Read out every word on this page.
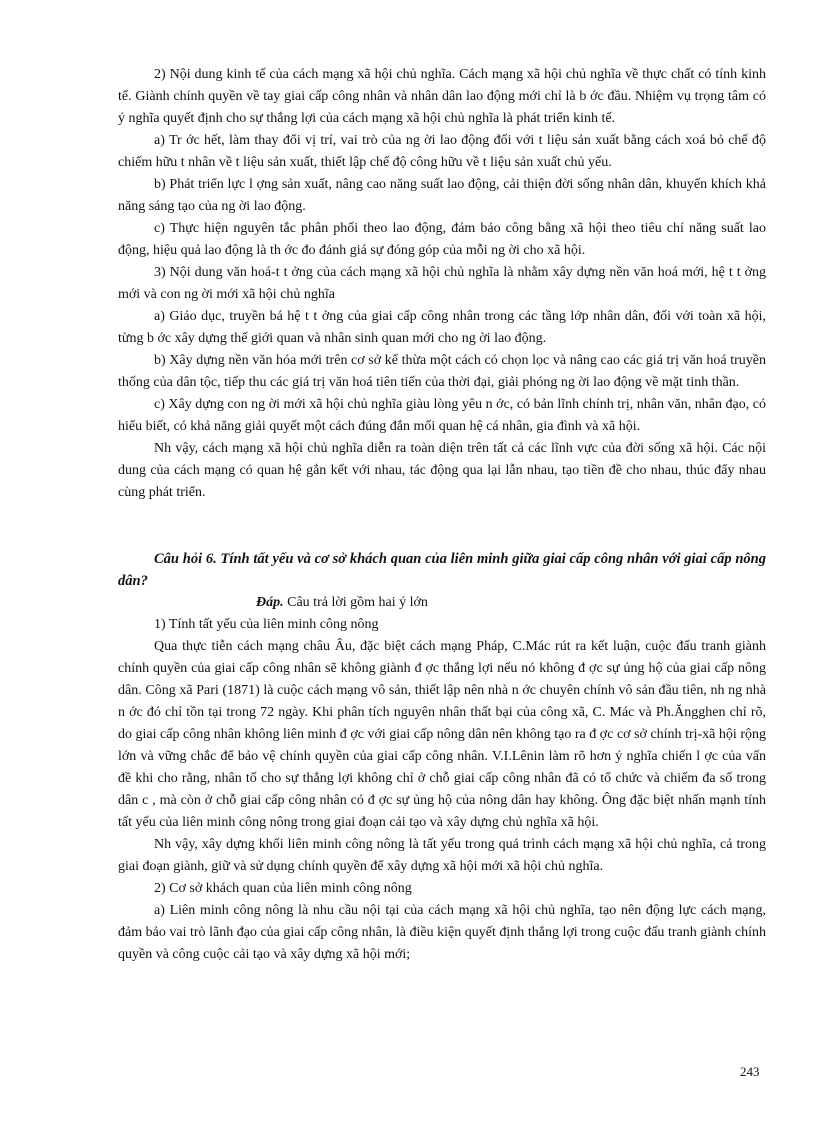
2) Nội dung kinh tế của cách mạng xã hội chủ nghĩa. Cách mạng xã hội chủ nghĩa về thực chất có tính kinh tế. Giành chính quyền về tay giai cấp công nhân và nhân dân lao động mới chỉ là b ớc đầu. Nhiệm vụ trọng tâm có ý nghĩa quyết định cho sự thắng lợi của cách mạng xã hội chủ nghĩa là phát triển kinh tế.

a) Tr ớc hết, làm thay đổi vị trí, vai trò của ng ời lao động đối với t liệu sản xuất bằng cách xoá bỏ chế độ chiếm hữu t nhân về t liệu sản xuất, thiết lập chế độ công hữu về t liệu sản xuất chủ yếu.

b) Phát triển lực l ợng sản xuất, nâng cao năng suất lao động, cải thiện đời sống nhân dân, khuyến khích khả năng sáng tạo của ng ời lao động.

c) Thực hiện nguyên tắc phân phối theo lao động, đảm bảo công bằng xã hội theo tiêu chí năng suất lao động, hiệu quả lao động là th ớc đo đánh giá sự đóng góp của mỗi ng ời cho xã hội.

3) Nội dung văn hoá-t t ởng của cách mạng xã hội chủ nghĩa là nhằm xây dựng nền văn hoá mới, hệ t t ởng mới và con ng ời mới xã hội chủ nghĩa

a) Giáo dục, truyền bá hệ t t ởng của giai cấp công nhân trong các tầng lớp nhân dân, đối với toàn xã hội, từng b ớc xây dựng thế giới quan và nhân sinh quan mới cho ng ời lao động.

b) Xây dựng nền văn hóa mới trên cơ sở kế thừa một cách có chọn lọc và nâng cao các giá trị văn hoá truyền thống của dân tộc, tiếp thu các giá trị văn hoá tiên tiến của thời đại, giải phóng ng ời lao động về mặt tinh thần.

c) Xây dựng con ng ời mới xã hội chủ nghĩa giàu lòng yêu n ớc, có bản lĩnh chính trị, nhân văn, nhân đạo, có hiểu biết, có khả năng giải quyết một cách đúng đắn mối quan hệ cá nhân, gia đình và xã hội.

Nh vậy, cách mạng xã hội chủ nghĩa diễn ra toàn diện trên tất cả các lĩnh vực của đời sống xã hội. Các nội dung của cách mạng có quan hệ gắn kết với nhau, tác động qua lại lẫn nhau, tạo tiền đề cho nhau, thúc đẩy nhau cùng phát triển.

Câu hỏi 6. Tính tất yếu và cơ sở khách quan của liên minh giữa giai cấp công nhân với giai cấp nông dân?

Đáp. Câu trả lời gồm hai ý lớn

1) Tính tất yếu của liên minh công nông

Qua thực tiễn cách mạng châu Âu, đặc biệt cách mạng Pháp, C.Mác rút ra kết luận, cuộc đấu tranh giành chính quyền của giai cấp công nhân sẽ không giành đ ợc thắng lợi nếu nó không đ ợc sự ủng hộ của giai cấp nông dân. Công xã Pari (1871) là cuộc cách mạng vô sản, thiết lập nên nhà n ớc chuyên chính vô sản đầu tiên, nh ng nhà n ớc đó chỉ tồn tại trong 72 ngày. Khi phân tích nguyên nhân thất bại của công xã, C. Mác và Ph.Ăngghen chỉ rõ, do giai cấp công nhân không liên minh đ ợc với giai cấp nông dân nên không tạo ra đ ợc cơ sở chính trị-xã hội rộng lớn và vững chắc để bảo vệ chính quyền của giai cấp công nhân. V.I.Lênin làm rõ hơn ý nghĩa chiến l ợc của vấn đề khi cho rằng, nhân tố cho sự thắng lợi không chỉ ở chỗ giai cấp công nhân đã có tổ chức và chiếm đa số trong dân c , mà còn ở chỗ giai cấp công nhân có đ ợc sự ủng hộ của nông dân hay không. Ông đặc biệt nhấn mạnh tính tất yếu của liên minh công nông trong giai đoạn cải tạo và xây dựng chủ nghĩa xã hội.

Nh vậy, xây dựng khối liên minh công nông là tất yếu trong quá trình cách mạng xã hội chủ nghĩa, cả trong giai đoạn giành, giữ và sử dụng chính quyền để xây dựng xã hội mới xã hội chủ nghĩa.

2) Cơ sở khách quan của liên minh công nông

a) Liên minh công nông là nhu cầu nội tại của cách mạng xã hội chủ nghĩa, tạo nên động lực cách mạng, đảm bảo vai trò lãnh đạo của giai cấp công nhân, là điều kiện quyết định thắng lợi trong cuộc đấu tranh giành chính quyền và công cuộc cải tạo và xây dựng xã hội mới;

243
